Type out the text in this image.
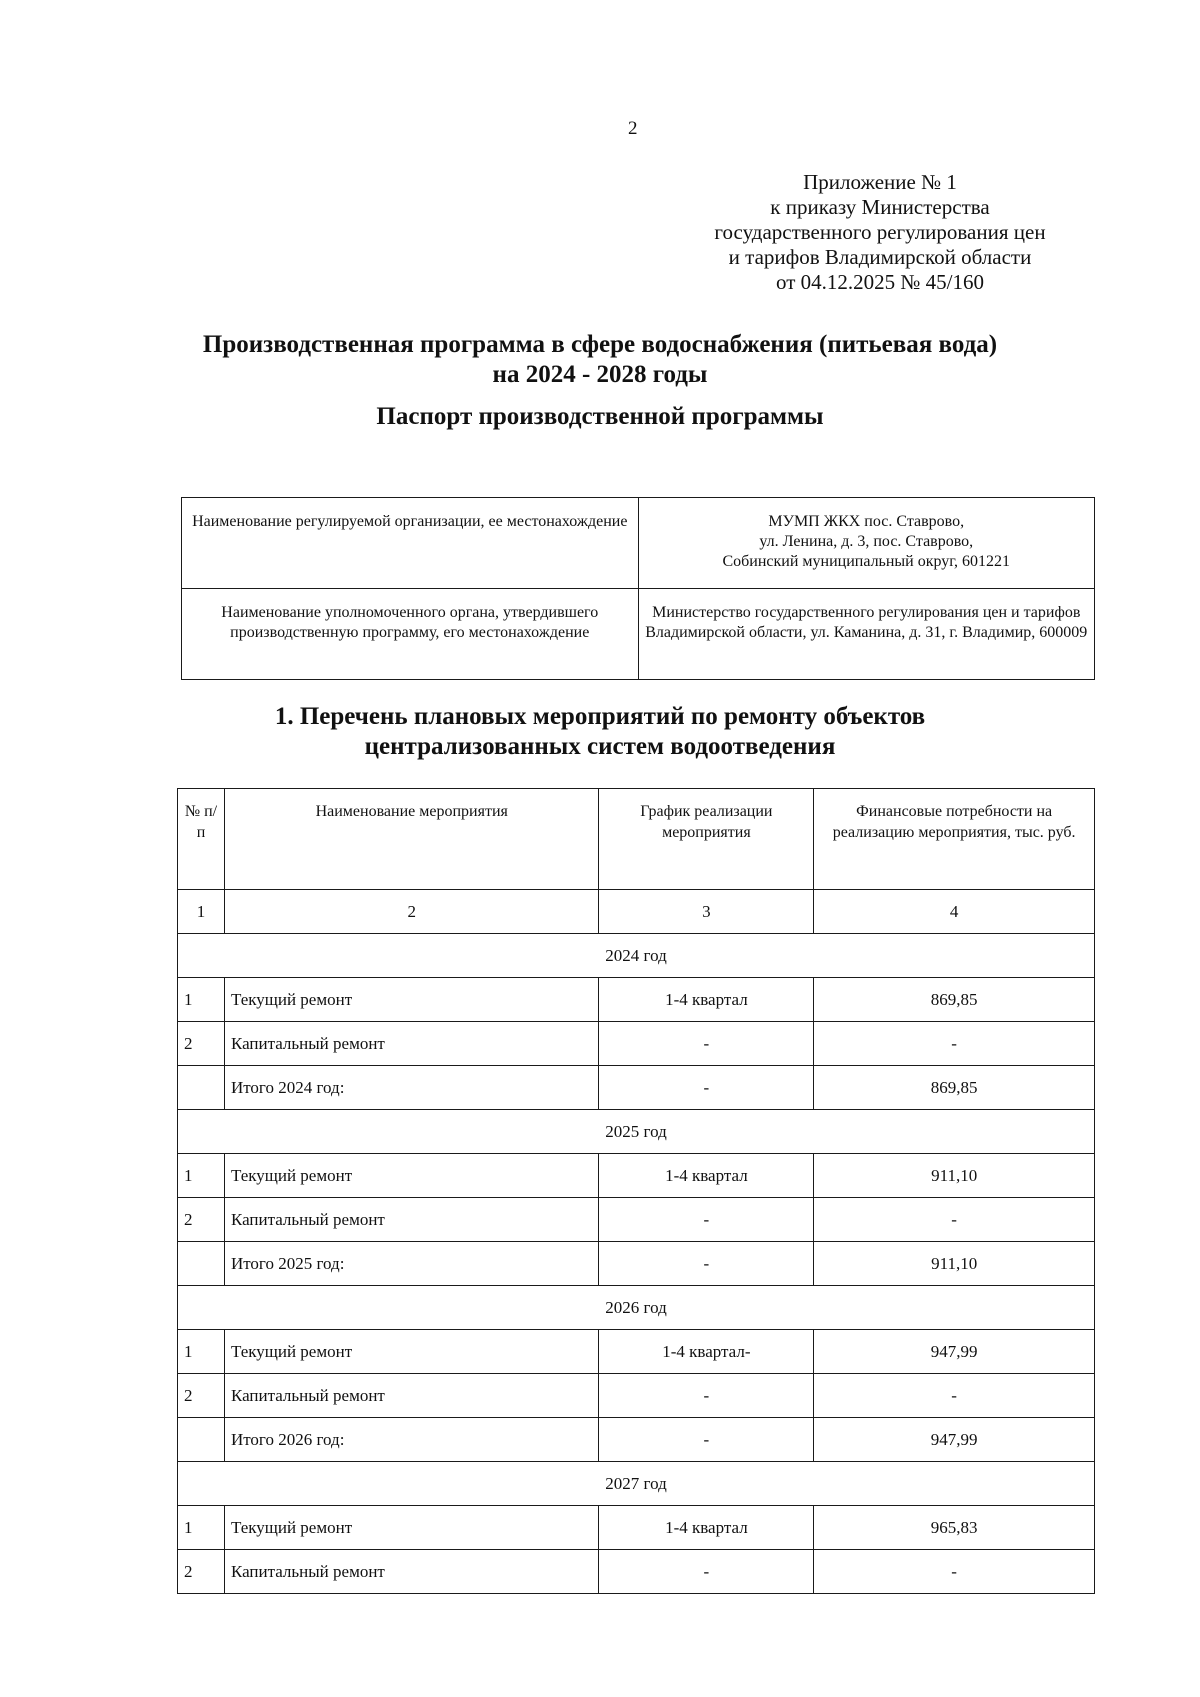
2
Приложение № 1
к приказу Министерства
государственного регулирования цен
и тарифов Владимирской области
от 04.12.2025 № 45/160
Производственная программа в сфере водоснабжения (питьевая вода)
на 2024 - 2028 годы
Паспорт производственной программы
Наименование регулируемой организации, ее местонахождение	МУМП ЖКХ пос. Ставрово,
ул. Ленина, д. 3, пос. Ставрово,
Собинский муниципальный округ, 601221

Наименование уполномоченного органа, утвердившего производственную программу, его местонахождение	Министерство государственного регулирования цен и тарифов Владимирской области, ул. Каманина, д. 31, г. Владимир, 600009
1. Перечень плановых мероприятий по ремонту объектов
централизованных систем водоотведения
№ п/п	Наименование мероприятия	График реализации мероприятия	Финансовые потребности на реализацию мероприятия, тыс. руб.
1	2	3	4
2024 год			
1	Текущий ремонт	1-4 квартал	869,85
2	Капитальный ремонт	-	-
	Итого 2024 год:	-	869,85
2025 год			
1	Текущий ремонт	1-4 квартал	911,10
2	Капитальный ремонт	-	-
	Итого 2025 год:	-	911,10
2026 год			
1	Текущий ремонт	1-4 квартал-	947,99
2	Капитальный ремонт	-	-
	Итого 2026 год:	-	947,99
2027 год			
1	Текущий ремонт	1-4 квартал	965,83
2	Капитальный ремонт	-	-
